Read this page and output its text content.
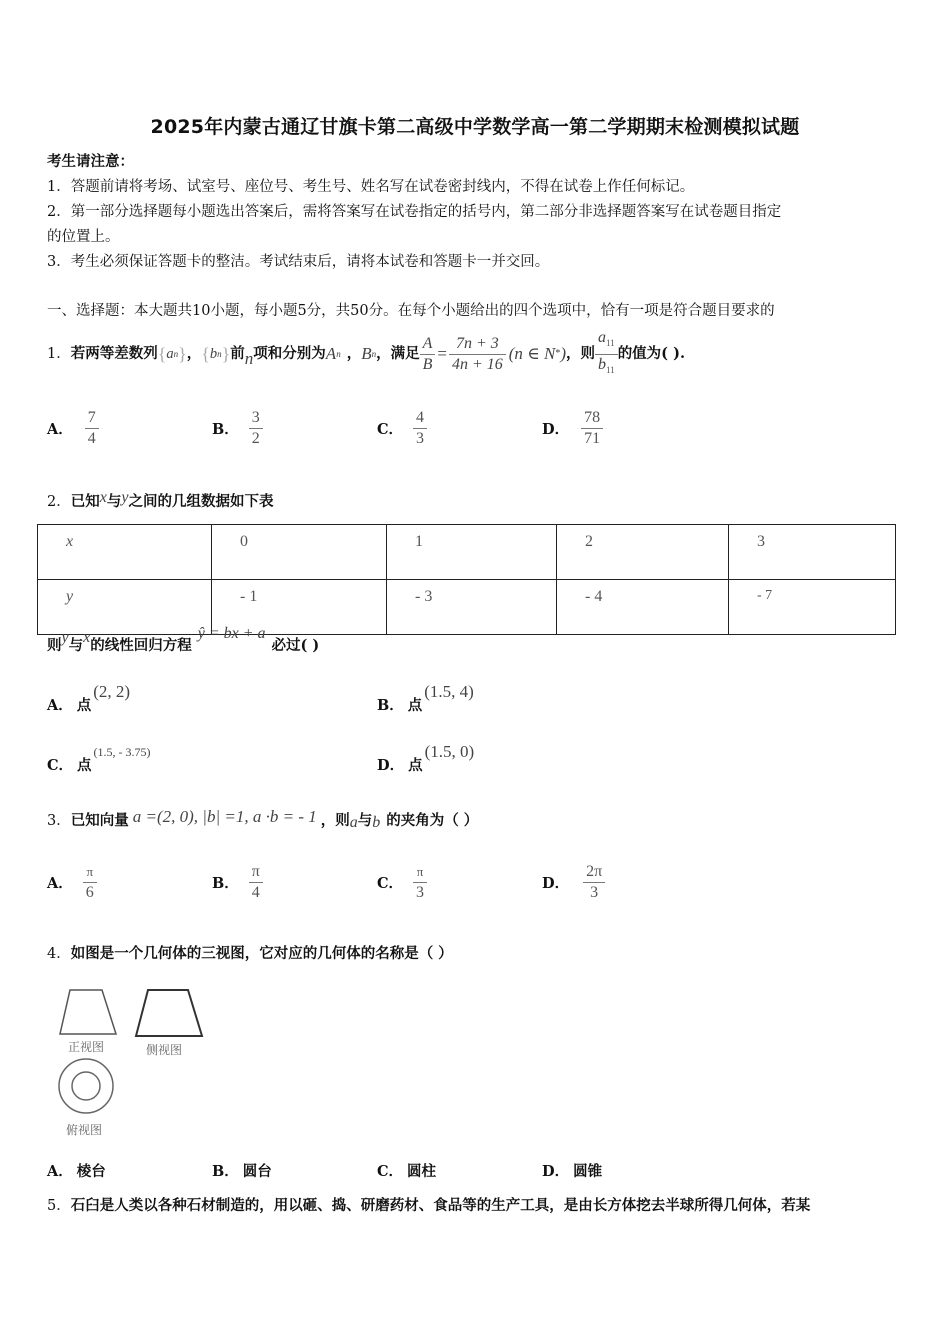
2025年内蒙古通辽甘旗卡第二高级中学数学高一第二学期期末检测模拟试题
考生请注意：
1．答题前请将考场、试室号、座位号、考生号、姓名写在试卷密封线内，不得在试卷上作任何标记。
2．第一部分选择题每小题选出答案后，需将答案写在试卷指定的括号内，第二部分非选择题答案写在试卷题目指定
的位置上。
3．考生必须保证答题卡的整洁。考试结束后，请将本试卷和答题卡一并交回。
一、选择题：本大题共10小题，每小题5分，共50分。在每个小题给出的四个选项中，恰有一项是符合题目要求的
1． 若两等差数列 { a n } ， { b n } 前 n 项和分别为 A n ， B n ，满足 $\frac{A}{B} = \frac{7n + 3}{4n + 16} (n$ ∈ N * ) ，则 $\frac{a_{11}}{b_{11}}$ 的值为( ).
A． $\frac{7}{4}$	B． $\frac{3}{2}$	C． $\frac{4}{3}$	D． $\frac{78}{71}$
2． 已知 x 与 y 之间的几组数据如下表
x	0	1	2	3
y	- 1	- 3	- 4	- 7
则 y 与 x 的线性回归方程
ŷ = bx + a
必过( )
A． 点
(2, 2)
B． 点
(1.5, 4)
C． 点
(1.5, - 3.75)
D． 点
(1.5, 0)
3． 已知向量 a =(2, 0), |b| =1, a ·b = - 1 ，则 a 与 b 的夹角为（ ）
A． $\frac{\pi}{6}$	B． $\frac{\pi}{4}$	C． $\frac{\pi}{3}$	D． $\frac{2\pi}{3}$
4．如图是一个几何体的三视图，它对应的几何体的名称是（ ）
正视图	侧视图
俯视图
A． 棱台	B． 圆台	C． 圆柱	D． 圆锥
5．石臼是人类以各种石材制造的，用以砸、捣、研磨药材、食品等的生产工具，是由长方体挖去半球所得几何体，若某
